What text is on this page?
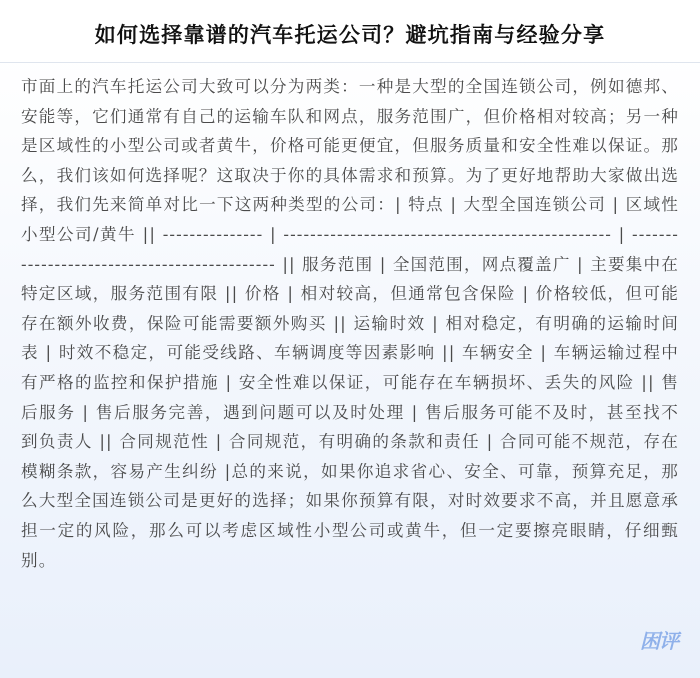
如何选择靠谱的汽车托运公司？避坑指南与经验分享

市面上的汽车托运公司大致可以分为两类：一种是大型的全国连锁公司，例如德邦、安能等，它们通常有自己的运输车队和网点，服务范围广，但价格相对较高；另一种是区域性的小型公司或者黄牛，价格可能更便宜，但服务质量和安全性难以保证。那么，我们该如何选择呢？这取决于你的具体需求和预算。为了更好地帮助大家做出选择，我们先来简单对比一下这两种类型的公司：| 特点 | 大型全国连锁公司 | 区域性小型公司/黄牛 || --------------- | ------------------------------------------------- | --------------------------------------------- || 服务范围 | 全国范围，网点覆盖广 | 主要集中在特定区域，服务范围有限 || 价格 | 相对较高，但通常包含保险 | 价格较低，但可能存在额外收费，保险可能需要额外购买 || 运输时效 | 相对稳定，有明确的运输时间表 | 时效不稳定，可能受线路、车辆调度等因素影响 || 车辆安全 | 车辆运输过程中有严格的监控和保护措施 | 安全性难以保证，可能存在车辆损坏、丢失的风险 || 售后服务 | 售后服务完善，遇到问题可以及时处理 | 售后服务可能不及时，甚至找不到负责人 || 合同规范性 | 合同规范，有明确的条款和责任 | 合同可能不规范，存在模糊条款，容易产生纠纷 |总的来说，如果你追求省心、安全、可靠，预算充足，那么大型全国连锁公司是更好的选择；如果你预算有限，对时效要求不高，并且愿意承担一定的风险，那么可以考虑区域性小型公司或黄牛，但一定要擦亮眼睛，仔细甄别。

困评
